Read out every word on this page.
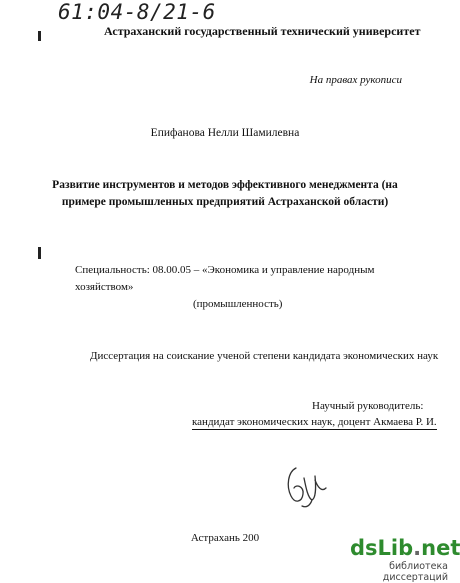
61:04-8/21-6
Астраханский государственный технический университет
На правах рукописи
Епифанова Нелли Шамилевна
Развитие инструментов и методов эффективного менеджмента (на примере промышленных предприятий Астраханской области)
Специальность: 08.00.05 – «Экономика и управление народным хозяйством»
(промышленность)
Диссертация на соискание ученой степени кандидата экономических наук
Научный руководитель:
кандидат экономических наук, доцент Акмаева Р. И.
Астрахань 200	dsLib.net
библиотека диссертаций
